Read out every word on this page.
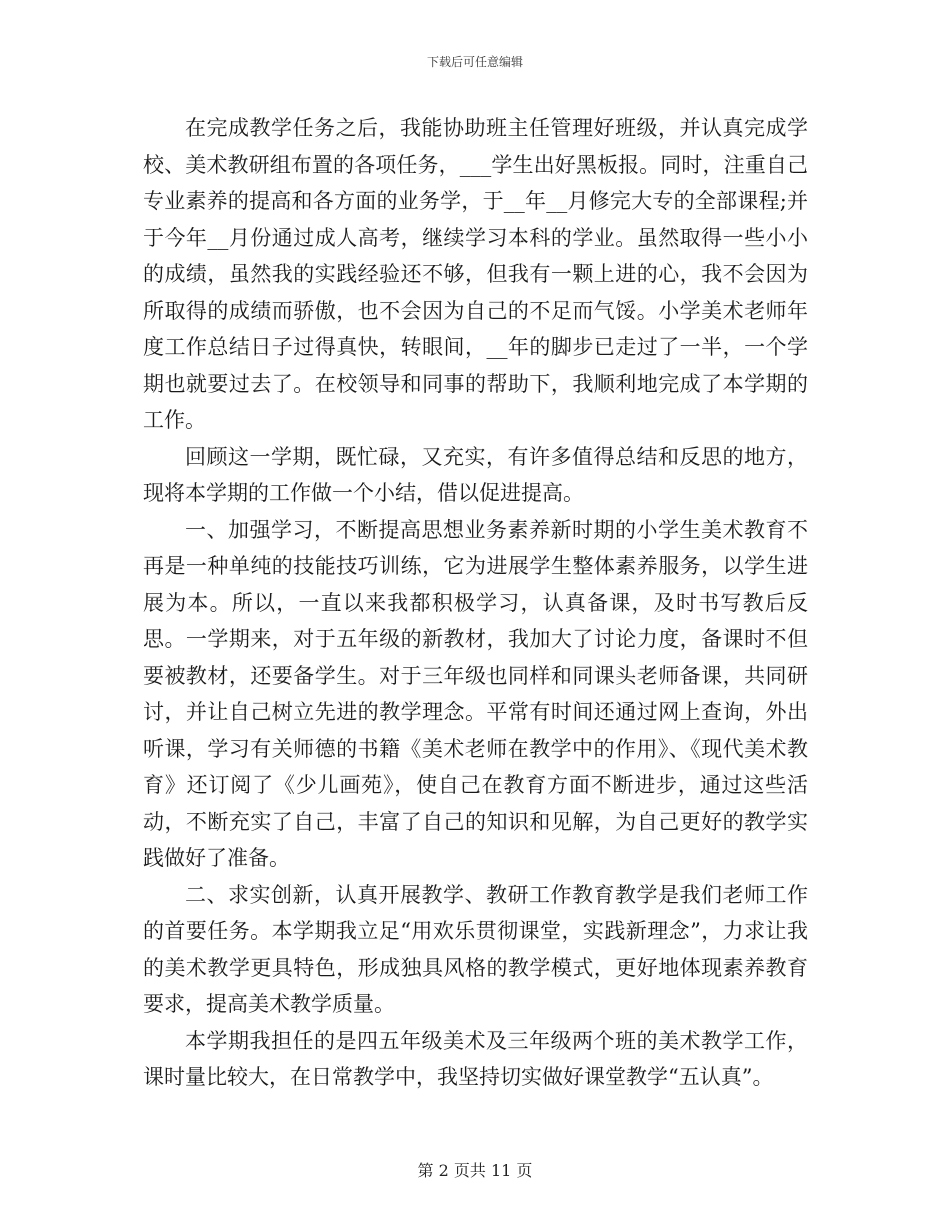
下载后可任意编辑

在完成教学任务之后，我能协助班主任管理好班级，并认真完成学校、美术教研组布置的各项任务，___学生出好黑板报。同时，注重自己专业素养的提高和各方面的业务学，于__年__月修完大专的全部课程;并于今年__月份通过成人高考，继续学习本科的学业。虽然取得一些小小的成绩，虽然我的实践经验还不够，但我有一颗上进的心，我不会因为所取得的成绩而骄傲，也不会因为自己的不足而气馁。小学美术老师年度工作总结日子过得真快，转眼间，__年的脚步已走过了一半，一个学期也就要过去了。在校领导和同事的帮助下，我顺利地完成了本学期的工作。

回顾这一学期，既忙碌，又充实，有许多值得总结和反思的地方，现将本学期的工作做一个小结，借以促进提高。

一、加强学习，不断提高思想业务素养新时期的小学生美术教育不再是一种单纯的技能技巧训练，它为进展学生整体素养服务，以学生进展为本。所以，一直以来我都积极学习，认真备课，及时书写教后反思。一学期来，对于五年级的新教材，我加大了讨论力度，备课时不但要被教材，还要备学生。对于三年级也同样和同课头老师备课，共同研讨，并让自己树立先进的教学理念。平常有时间还通过网上查询，外出听课，学习有关师德的书籍《美术老师在教学中的作用》、《现代美术教育》还订阅了《少儿画苑》，使自己在教育方面不断进步，通过这些活动，不断充实了自己，丰富了自己的知识和见解，为自己更好的教学实践做好了准备。

二、求实创新，认真开展教学、教研工作教育教学是我们老师工作的首要任务。本学期我立足“用欢乐贯彻课堂，实践新理念”，力求让我的美术教学更具特色，形成独具风格的教学模式，更好地体现素养教育要求，提高美术教学质量。

本学期我担任的是四五年级美术及三年级两个班的美术教学工作，课时量比较大，在日常教学中，我坚持切实做好课堂教学“五认真”。

第 2 页共 11 页
